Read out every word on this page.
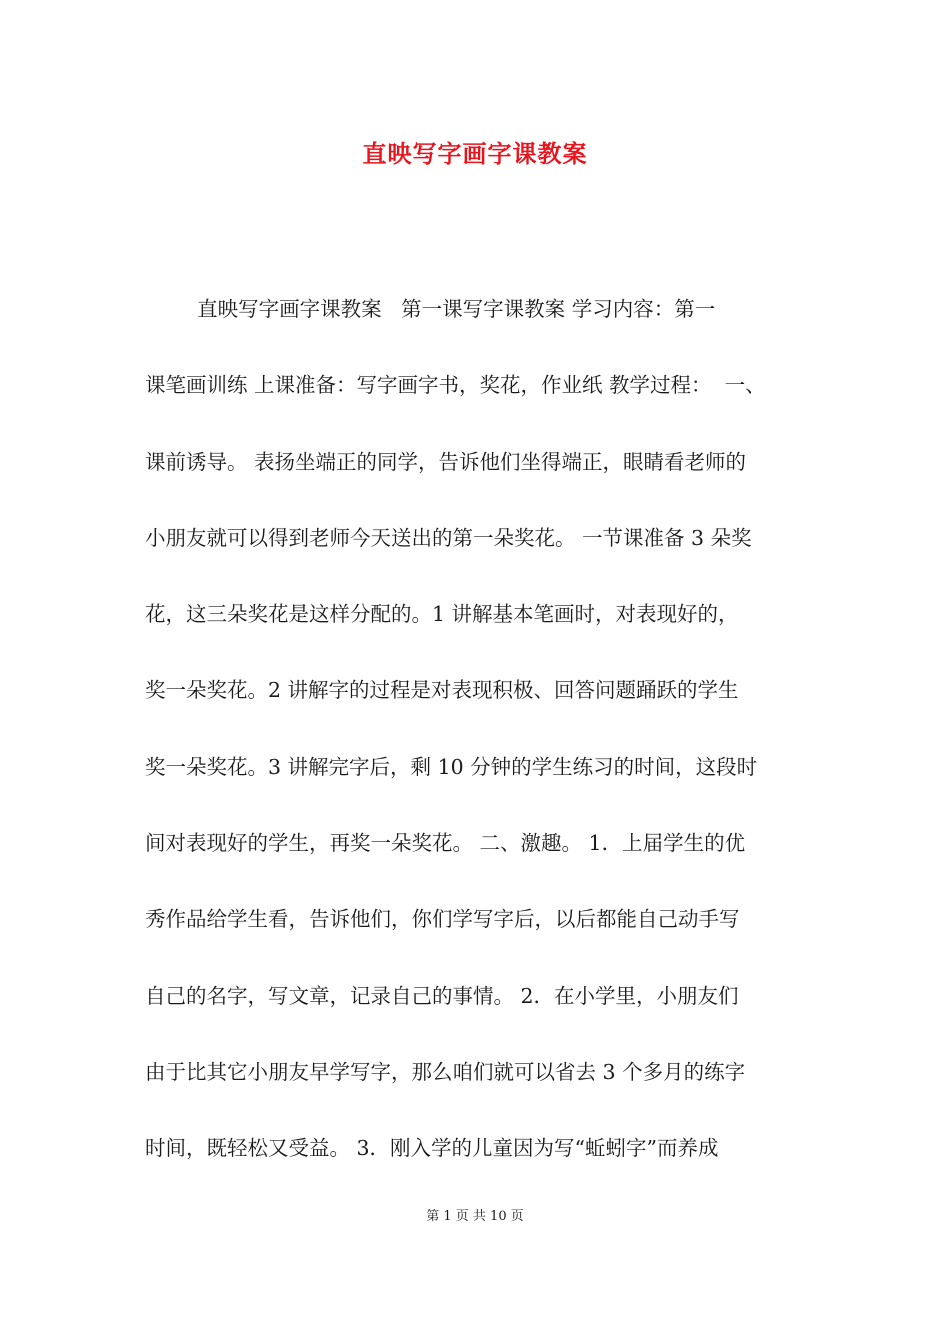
直映写字画字课教案
直映写字画字课教案   第一课写字课教案 学习内容：第一
课笔画训练 上课准备：写字画字书，奖花，作业纸 教学过程：  一、
课前诱导。 表扬坐端正的同学，告诉他们坐得端正，眼睛看老师的
小朋友就可以得到老师今天送出的第一朵奖花。 一节课准备 3 朵奖
花，这三朵奖花是这样分配的。1 讲解基本笔画时，对表现好的，
奖一朵奖花。2 讲解字的过程是对表现积极、回答问题踊跃的学生
奖一朵奖花。3 讲解完字后，剩 10 分钟的学生练习的时间，这段时
间对表现好的学生，再奖一朵奖花。 二、激趣。 1．上届学生的优
秀作品给学生看，告诉他们，你们学写字后，以后都能自己动手写
自己的名字，写文章，记录自己的事情。 2．在小学里，小朋友们
由于比其它小朋友早学写字，那么咱们就可以省去 3 个多月的练字
时间，既轻松又受益。 3．刚入学的儿童因为写“蚯蚓字”而养成
第 1 页 共 10 页
